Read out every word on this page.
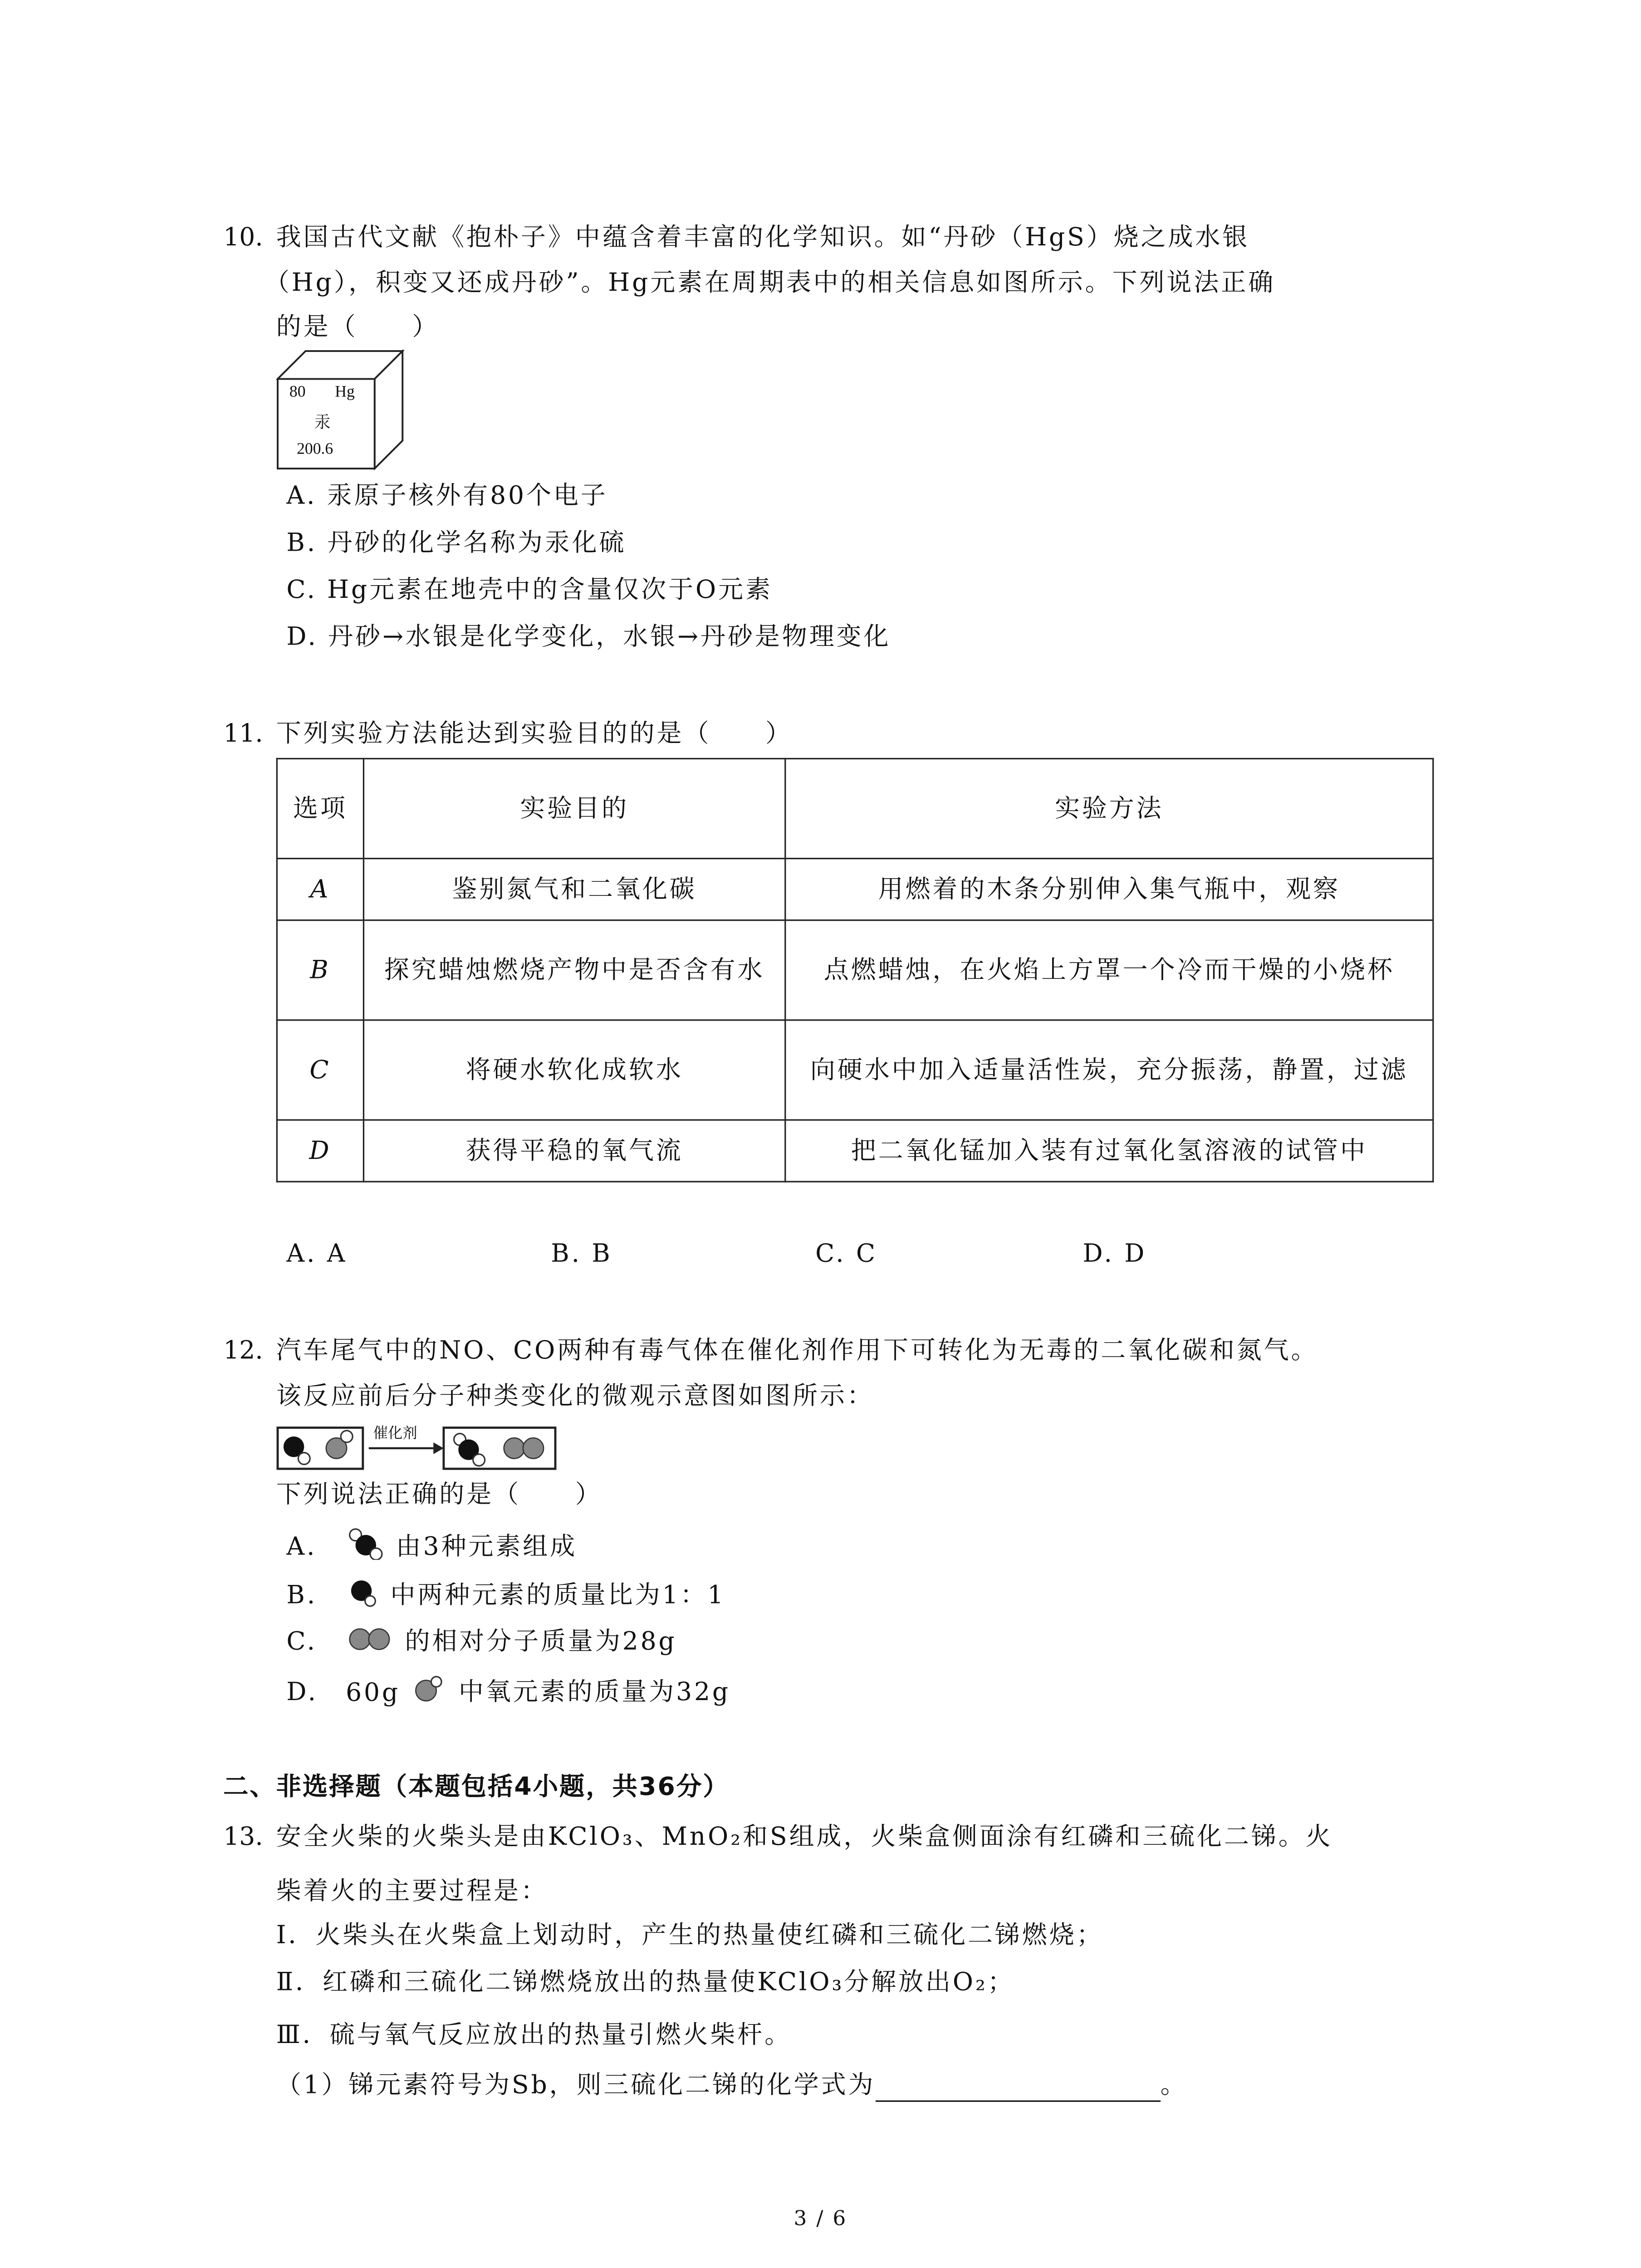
10. 我国古代文献《抱朴子》中蕴含着丰富的化学知识。如“丹砂（HgS）烧之成水银
（Hg），积变又还成丹砂”。Hg元素在周期表中的相关信息如图所示。下列说法正确
的是（　　）
80	Hg
汞
200.6
A. 汞原子核外有80个电子
B. 丹砂的化学名称为汞化硫
C. Hg元素在地壳中的含量仅次于O元素
D. 丹砂→水银是化学变化，水银→丹砂是物理变化
11. 下列实验方法能达到实验目的的是（　　）
选项	实验目的	实验方法
A	鉴别氮气和二氧化碳	用燃着的木条分别伸入集气瓶中，观察
B	探究蜡烛燃烧产物中是否含有水	点燃蜡烛，在火焰上方罩一个冷而干燥的小烧杯
C	将硬水软化成软水	向硬水中加入适量活性炭，充分振荡，静置，过滤
D	获得平稳的氧气流	把二氧化锰加入装有过氧化氢溶液的试管中
A. A	B. B	C. C	D. D
12. 汽车尾气中的NO、CO两种有毒气体在催化剂作用下可转化为无毒的二氧化碳和氮气。
该反应前后分子种类变化的微观示意图如图所示：
催化剂
下列说法正确的是（　　）
A.	由3种元素组成
B.	中两种元素的质量比为1：1
C.	的相对分子质量为28g
D.	60g	中氧元素的质量为32g
二、非选择题（本题包括4小题，共36分）
13. 安全火柴的火柴头是由KClO₃、MnO₂和S组成，火柴盒侧面涂有红磷和三硫化二锑。火
柴着火的主要过程是：
Ⅰ．火柴头在火柴盒上划动时，产生的热量使红磷和三硫化二锑燃烧；
Ⅱ．红磷和三硫化二锑燃烧放出的热量使KClO₃分解放出O₂；
Ⅲ．硫与氧气反应放出的热量引燃火柴杆。
（1）锑元素符号为Sb，则三硫化二锑的化学式为	。
3 / 6
